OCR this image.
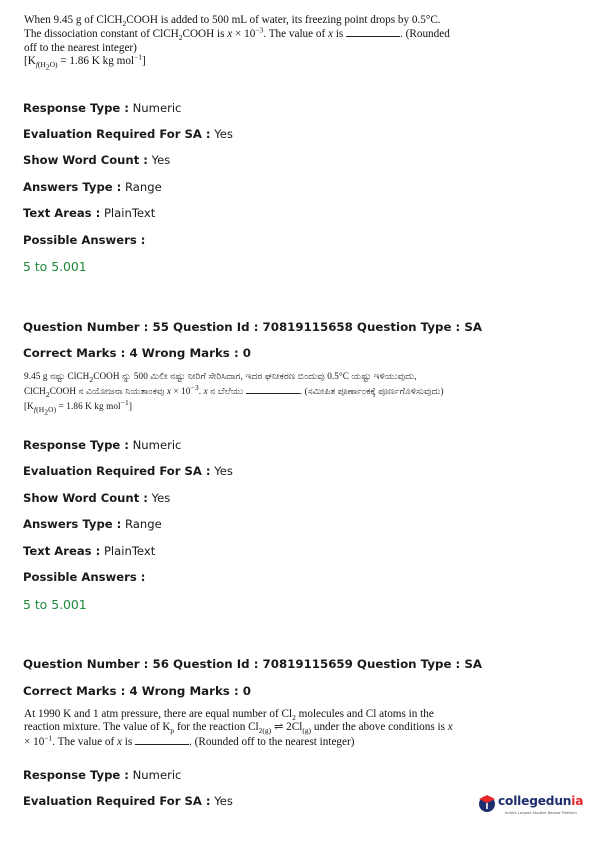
When 9.45 g of ClCH$_2$COOH is added to 500 mL of water, its freezing point drops by 0.5°C. The dissociation constant of ClCH$_2$COOH is $x \times 10^{-3}$. The value of x is	. (Rounded off to the nearest integer)
[$K_{f(H_2O)} = 1.86$ K kg mol$^{-1}$]
Response Type : Numeric
Evaluation Required For SA : Yes
Show Word Count : Yes
Answers Type : Range
Text Areas : PlainText
Possible Answers :
5 to 5.001
Question Number : 55 Question Id : 70819115658 Question Type : SA
Correct Marks : 4 Wrong Marks : 0
9.45 g ನಷ್ಟು ClCH$_2$COOH ನ್ನು 500 ಮಿಲೀ ನಷ್ಟು ನೀರಿಗೆ ಸೇರಿಸಿದಾಗ, ಇದರ ಘನೀಕರಣ ಬಿಂದುವು 0.5°C ಯಷ್ಟು ಇಳಿಯುವುದು, ClCH$_2$COOH ನ ವಿಯೋಜನಾ ನಿಯತಾಂಕವು $x \times 10^{-3}$. x ನ ಬೆಲೆಯು	. (ಸಮೀಪಿತ ಪೂರ್ಣಾಂಕಕ್ಕೆ ಪೂರ್ಣಗೊಳಿಸುವುದು) [$K_{f(H_2O)} = 1.86$ K kg mol$^{-1}$]
Response Type : Numeric
Evaluation Required For SA : Yes
Show Word Count : Yes
Answers Type : Range
Text Areas : PlainText
Possible Answers :
5 to 5.001
Question Number : 56 Question Id : 70819115659 Question Type : SA
Correct Marks : 4 Wrong Marks : 0
At 1990 K and 1 atm pressure, there are equal number of $Cl_2$ molecules and Cl atoms in the reaction mixture. The value of $K_p$ for the reaction $Cl_{2(g)}$ ⇌ $2Cl_{(g)}$ under the above conditions is $x \times 10^{-1}$. The value of x is	. (Rounded off to the nearest integer)
Response Type : Numeric
Evaluation Required For SA : Yes	collegedunia
India's Largest Student Review Platform
